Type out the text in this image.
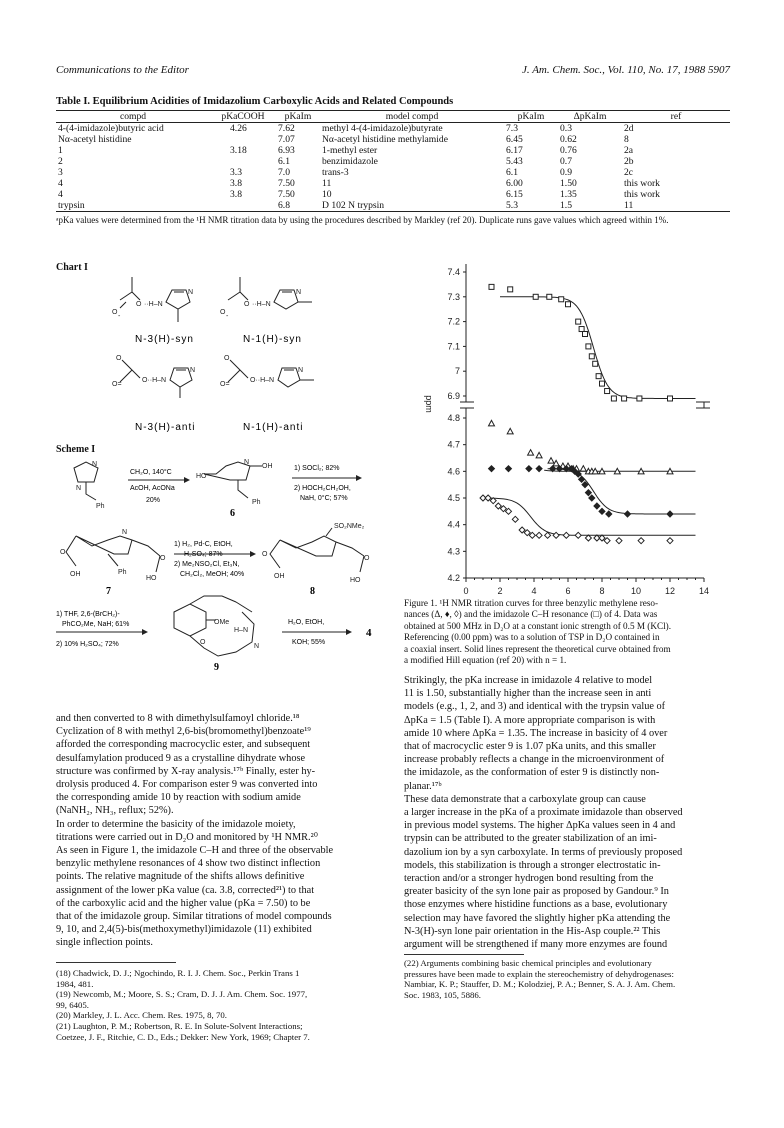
Communications to the Editor	J. Am. Chem. Soc., Vol. 110, No. 17, 1988 5907
Table I. Equilibrium Acidities of Imidazolium Carboxylic Acids and Related Compounds
compd	pKaCOOH	pKaIm	model compd	pKaIm	ΔpKaIm	ref
4-(4-imidazole)butyric acid	4.26	7.62	methyl 4-(4-imidazole)butyrate	7.3	0.3	2d
Nα-acetyl histidine		7.07	Nα-acetyl histidine methylamide	6.45	0.62	8
1	3.18	6.93	1-methyl ester	6.17	0.76	2a
2		6.1	benzimidazole	5.43	0.7	2b
3	3.3	7.0	trans-3	6.1	0.9	2c
4	3.8	7.50	11	6.00	1.50	this work
4	3.8	7.50	10	6.15	1.35	this work
trypsin		6.8	D 102 N trypsin	5.3	1.5	11
ᵃpKa values were determined from the ¹H NMR titration data by using the procedures described by Markley (ref 20). Duplicate runs gave values which agreed within 1%.
Chart I
O
O
-
··H–N
N
O
O
-
··H–N
N
N-3(H)-syn	N-1(H)-syn
O
O=
O··H–N
N
O
O=
O··H–N
N
N-3(H)-anti	N-1(H)-anti
Scheme I
N
N
Ph
CH₂O, 140°C
AcOH, AcONa
20%
HO
OH
N
Ph
6
1) SOCl₂; 82%
2) HOCH₂CH₂OH,
NaH, 0°C; 57%
O
O
OH
HO
Ph
N
7
1) H₂, Pd-C, EtOH,
H₂SO₄; 87%
2) Me₂NSO₂Cl, Et₃N,
CH₂Cl₂, MeOH; 40%
SO₂NMe₂
O
O
OH
HO
8
1) THF, 2,6-(BrCH₂)-
PhCO₂Me, NaH; 61%
2) 10% H₂SO₄; 72%
OMe
H–N
N
O
9
H₂O, EtOH,
KOH; 55%
4
and then converted to 8 with dimethylsulfamoyl chloride.¹⁸
Cyclization of 8 with methyl 2,6-bis(bromomethyl)benzoate¹⁹
afforded the corresponding macrocyclic ester, and subsequent
desulfamylation produced 9 as a crystalline dihydrate whose
structure was confirmed by X-ray analysis.¹⁷ᵇ Finally, ester hy-
drolysis produced 4. For comparison ester 9 was converted into
the corresponding amide 10 by reaction with sodium amide
(NaNH₂, NH₃, reflux; 52%).
In order to determine the basicity of the imidazole moiety,
titrations were carried out in D₂O and monitored by ¹H NMR.²⁰
As seen in Figure 1, the imidazole C–H and three of the observable
benzylic methylene resonances of 4 show two distinct inflection
points. The relative magnitude of the shifts allows definitive
assignment of the lower pKa value (ca. 3.8, corrected²¹) to that
of the carboxylic acid and the higher value (pKa = 7.50) to be
that of the imidazole group. Similar titrations of model compounds
9, 10, and 2,4(5)-bis(methoxymethyl)imidazole (11) exhibited
single inflection points.
(18) Chadwick, D. J.; Ngochindo, R. I. J. Chem. Soc., Perkin Trans 1
1984, 481.
(19) Newcomb, M.; Moore, S. S.; Cram, D. J. J. Am. Chem. Soc. 1977,
99, 6405.
(20) Markley, J. L. Acc. Chem. Res. 1975, 8, 70.
(21) Laughton, P. M.; Robertson, R. E. In Solute-Solvent Interactions;
Coetzee, J. F., Ritchie, C. D., Eds.; Dekker: New York, 1969; Chapter 7.
6.9
7
7.1
7.2
7.3
7.4
4.2
4.3
4.4
4.5
4.6
4.7
4.8
0	2	4	6	8	10	12	14
ppm
Figure 1. ¹H NMR titration curves for three benzylic methylene reso-
nances (Δ, ♦, ◊) and the imidazole C–H resonance (□) of 4. Data was
obtained at 500 MHz in D₂O at a constant ionic strength of 0.5 M (KCl).
Referencing (0.00 ppm) was to a solution of TSP in D₂O contained in
a coaxial insert. Solid lines represent the theoretical curve obtained from
a modified Hill equation (ref 20) with n = 1.
Strikingly, the pKa increase in imidazole 4 relative to model
11 is 1.50, substantially higher than the increase seen in anti
models (e.g., 1, 2, and 3) and identical with the trypsin value of
ΔpKa = 1.5 (Table I). A more appropriate comparison is with
amide 10 where ΔpKa = 1.35. The increase in basicity of 4 over
that of macrocyclic ester 9 is 1.07 pKa units, and this smaller
increase probably reflects a change in the microenvironment of
the imidazole, as the conformation of ester 9 is distinctly non-
planar.¹⁷ᵇ
These data demonstrate that a carboxylate group can cause
a larger increase in the pKa of a proximate imidazole than observed
in previous model systems. The higher ΔpKa values seen in 4 and
trypsin can be attributed to the greater stabilization of an imi-
dazolium ion by a syn carboxylate. In terms of previously proposed
models, this stabilization is through a stronger electrostatic in-
teraction and/or a stronger hydrogen bond resulting from the
greater basicity of the syn lone pair as proposed by Gandour.⁹ In
those enzymes where histidine functions as a base, evolutionary
selection may have favored the slightly higher pKa attending the
N-3(H)-syn lone pair orientation in the His-Asp couple.²² This
argument will be strengthened if many more enzymes are found
(22) Arguments combining basic chemical principles and evolutionary
pressures have been made to explain the stereochemistry of dehydrogenases:
Nambiar, K. P.; Stauffer, D. M.; Kolodziej, P. A.; Benner, S. A. J. Am. Chem.
Soc. 1983, 105, 5886.
